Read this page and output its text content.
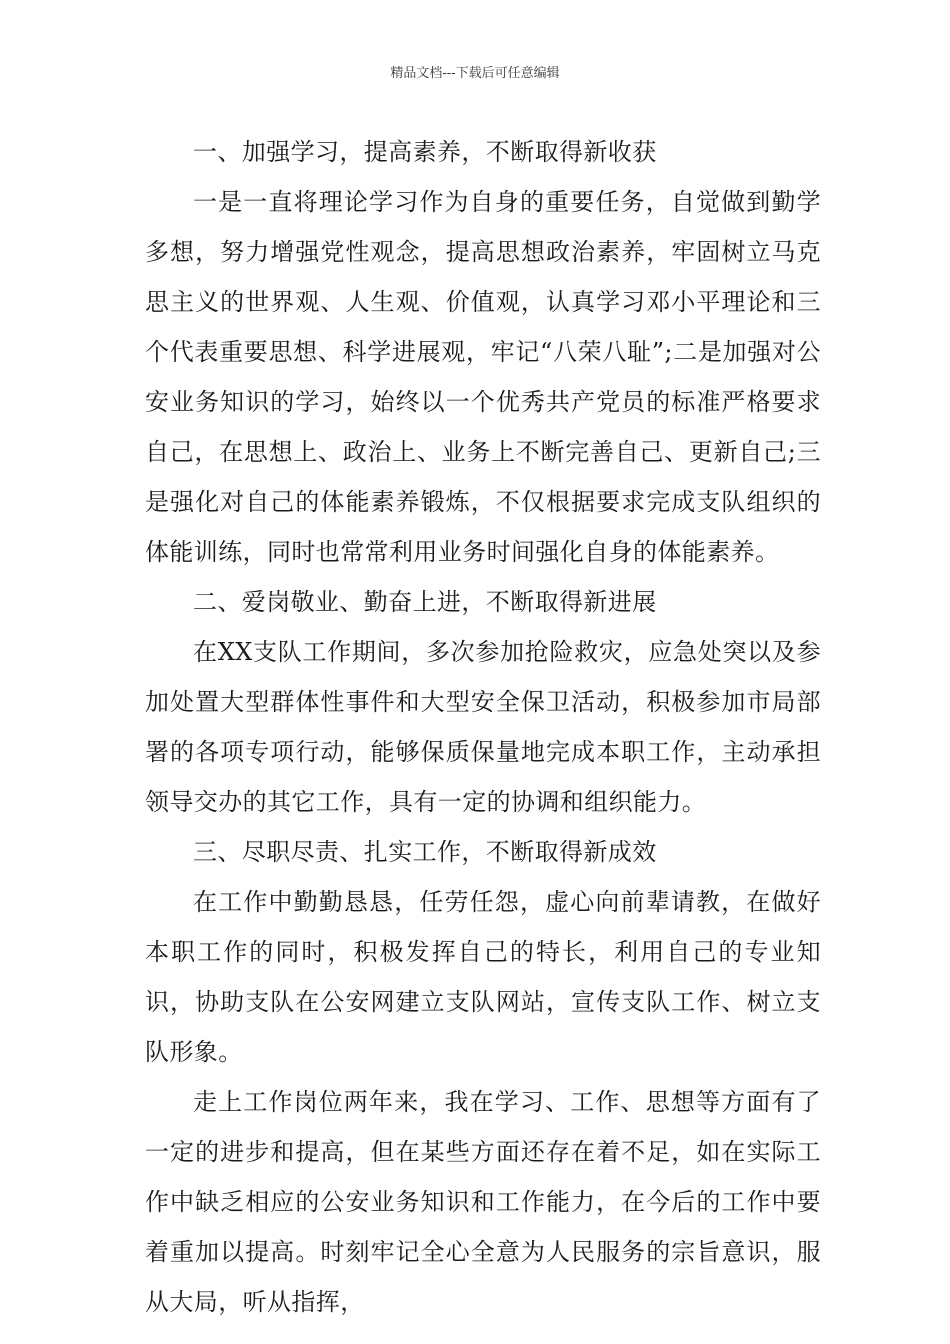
精品文档---下载后可任意编辑

一、加强学习，提高素养，不断取得新收获

一是一直将理论学习作为自身的重要任务，自觉做到勤学多想，努力增强党性观念，提高思想政治素养，牢固树立马克思主义的世界观、人生观、价值观，认真学习邓小平理论和三个代表重要思想、科学进展观，牢记“八荣八耻”;二是加强对公安业务知识的学习，始终以一个优秀共产党员的标准严格要求自己，在思想上、政治上、业务上不断完善自己、更新自己;三是强化对自己的体能素养锻炼，不仅根据要求完成支队组织的体能训练，同时也常常利用业务时间强化自身的体能素养。

二、爱岗敬业、勤奋上进，不断取得新进展

在XX支队工作期间，多次参加抢险救灾，应急处突以及参加处置大型群体性事件和大型安全保卫活动，积极参加市局部署的各项专项行动，能够保质保量地完成本职工作，主动承担领导交办的其它工作，具有一定的协调和组织能力。

三、尽职尽责、扎实工作，不断取得新成效

在工作中勤勤恳恳，任劳任怨，虚心向前辈请教，在做好本职工作的同时，积极发挥自己的特长，利用自己的专业知识，协助支队在公安网建立支队网站，宣传支队工作、树立支队形象。

走上工作岗位两年来，我在学习、工作、思想等方面有了一定的进步和提高，但在某些方面还存在着不足，如在实际工作中缺乏相应的公安业务知识和工作能力，在今后的工作中要着重加以提高。时刻牢记全心全意为人民服务的宗旨意识，服从大局，听从指挥，
